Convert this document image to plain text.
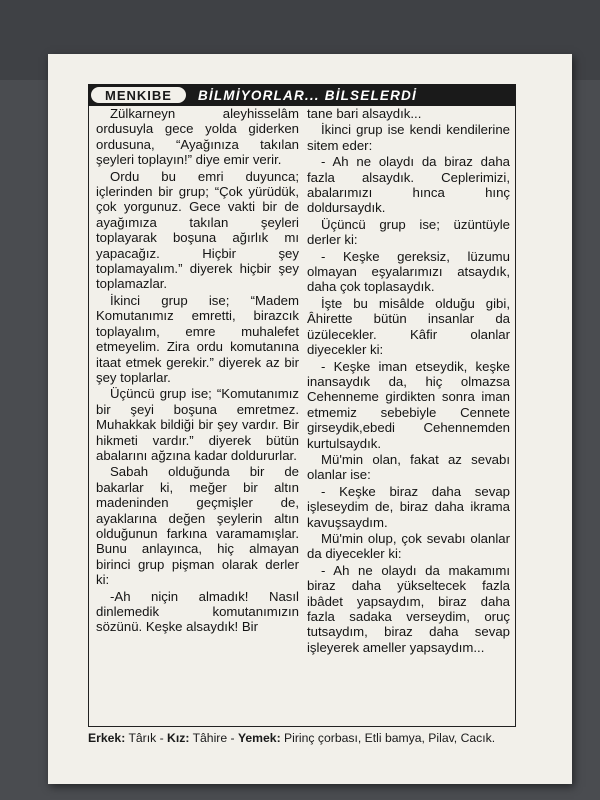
MENKIBE	BİLMİYORLAR... BİLSELERDİ

Zülkarneyn aleyhisselâm ordusuyla gece yolda giderken ordusuna, “Ayağınıza takılan şeyleri toplayın!” diye emir verir.

Ordu bu emri duyunca; içlerinden bir grup; “Çok yürüdük, çok yorgunuz. Gece vakti bir de ayağımıza takılan şeyleri toplayarak boşuna ağırlık mı yapacağız. Hiçbir şey toplamayalım.” diyerek hiçbir şey toplamazlar.

İkinci grup ise; “Madem Komutanımız emretti, birazcık toplayalım, emre muhalefet etmeyelim. Zira ordu komutanına itaat etmek gerekir.” diyerek az bir şey toplarlar.

Üçüncü grup ise; “Komutanımız bir şeyi boşuna emretmez. Muhakkak bildiği bir şey vardır. Bir hikmeti vardır.” diyerek bütün abalarını ağzına kadar doldururlar.

Sabah olduğunda bir de bakarlar ki, meğer bir altın madeninden geçmişler de, ayaklarına değen şeylerin altın olduğunun farkına varamamışlar. Bunu anlayınca, hiç almayan birinci grup pişman olarak derler ki:

-Ah niçin almadık! Nasıl dinlemedik komutanımızın sözünü. Keşke alsaydık! Bir

tane bari alsaydık...

İkinci grup ise kendi kendilerine sitem eder:

- Ah ne olaydı da biraz daha fazla alsaydık. Ceplerimizi, abalarımızı hınca hınç doldursaydık.

Üçüncü grup ise; üzüntüyle derler ki:

- Keşke gereksiz, lüzumu olmayan eşyalarımızı atsaydık, daha çok toplasaydık.

İşte bu misâlde olduğu gibi, Âhirette bütün insanlar da üzülecekler. Kâfir olanlar diyecekler ki:

- Keşke iman etseydik, keşke inansaydık da, hiç olmazsa Cehenneme girdikten sonra iman etmemiz sebebiyle Cennete girseydik,ebedi Cehennemden kurtulsaydık.

Mü'min olan, fakat az sevabı olanlar ise:

- Keşke biraz daha sevap işleseydim de, biraz daha ikrama kavuşsaydım.

Mü'min olup, çok sevabı olanlar da diyecekler ki:

- Ah ne olaydı da makamımı biraz daha yükseltecek fazla ibâdet yapsaydım, biraz daha fazla sadaka verseydim, oruç tutsaydım, biraz daha sevap işleyerek ameller yapsaydım...

Erkek: Târık - Kız: Tâhire - Yemek: Pirinç çorbası, Etli bamya, Pilav, Cacık.
